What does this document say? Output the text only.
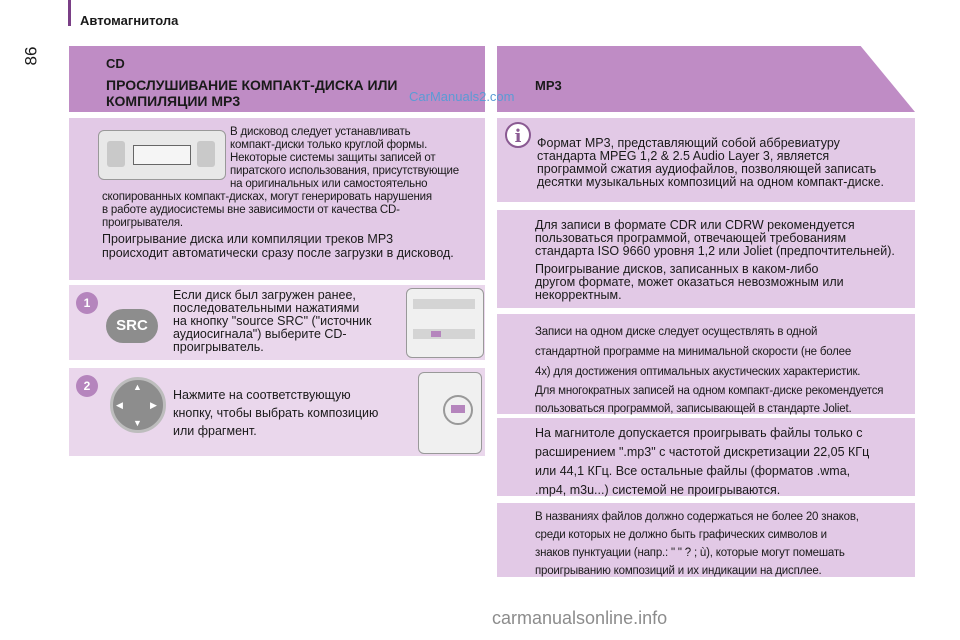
Автомагнитола
86	CD
ПРОСЛУШИВАНИЕ КОМПАКТ-ДИСКА ИЛИ
КОМПИЛЯЦИИ MP3
MP3
CarManuals2.com
В дисковод следует устанавливать
компакт-диски только круглой формы.
Некоторые системы защиты записей от
пиратского использования, присутствующие
на оригинальных или самостоятельно
скопированных компакт-дисках, могут генерировать нарушения
в работе аудиосистемы вне зависимости от качества CD-
проигрывателя.
Проигрывание диска или компиляции треков MP3
происходит автоматически сразу после загрузки в дисковод.
1
SRC
Если диск был загружен ранее,
последовательными нажатиями
на кнопку "source SRC" ("источник
аудиосигнала") выберите CD-
проигрыватель.
2	▲
▼
◀	▶
Нажмите на соответствующую
кнопку, чтобы выбрать композицию
или фрагмент.
i	Формат MP3, представляющий собой аббревиатуру
стандарта MPEG 1,2 & 2.5 Audio Layer 3, является
программой сжатия аудиофайлов, позволяющей записать
десятки музыкальных композиций на одном компакт-диске.
Для записи в формате CDR или CDRW рекомендуется
пользоваться программой, отвечающей требованиям
стандарта ISO 9660 уровня 1,2 или Joliet (предпочтительней).
Проигрывание дисков, записанных в каком-либо
другом формате, может оказаться невозможным или
некорректным.
Записи на одном диске следует осуществлять в одной
стандартной программе на минимальной скорости (не более
4x) для достижения оптимальных акустических характеристик.
Для многократных записей на одном компакт-диске рекомендуется
пользоваться программой, записывающей в стандарте Joliet.
На магнитоле допускается проигрывать файлы только с
расширением ".mp3" с частотой дискретизации 22,05 КГц
или 44,1 КГц. Все остальные файлы (форматов .wma,
.mp4, m3u...) системой не проигрываются.
В названиях файлов должно содержаться не более 20 знаков,
среди которых не должно быть графических символов и
знаков пунктуации (напр.: " " ? ; ù), которые могут помешать
проигрыванию композиций и их индикации на дисплее.
carmanualsonline.info
